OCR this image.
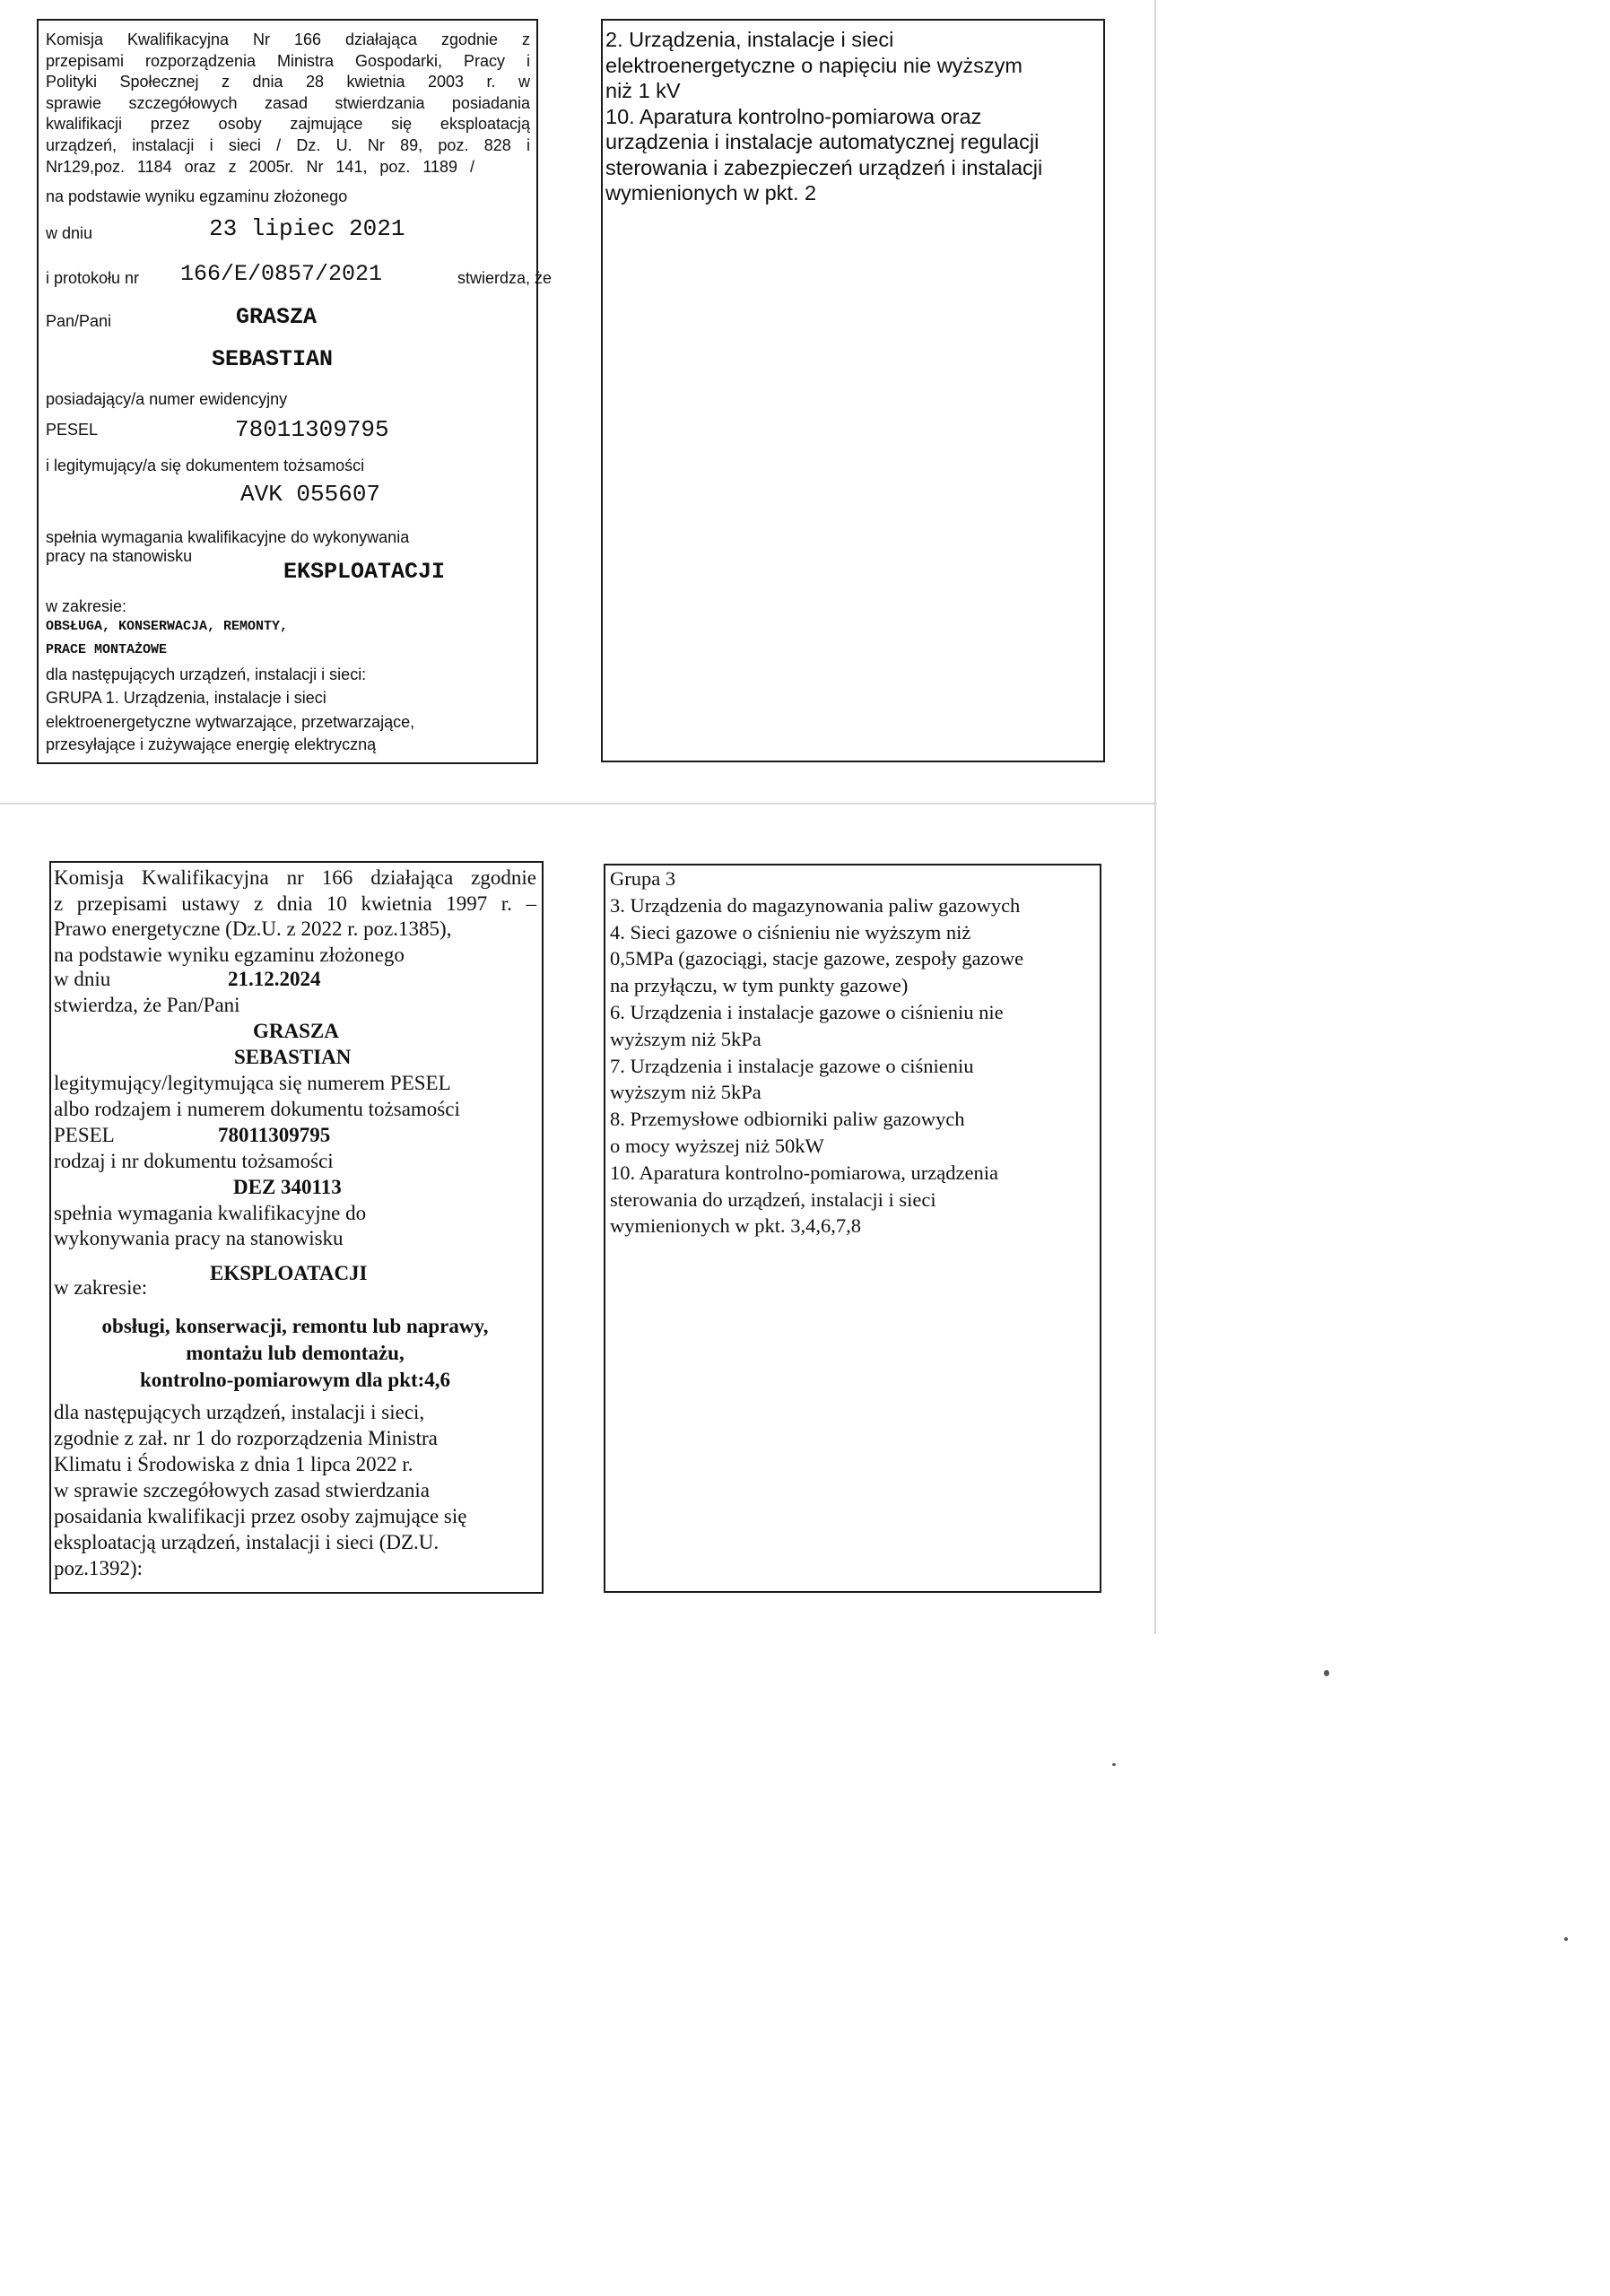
Komisja Kwalifikacyjna Nr 166 działająca zgodnie z
przepisami rozporządzenia Ministra Gospodarki, Pracy i
Polityki Społecznej z dnia 28 kwietnia 2003 r. w
sprawie szczegółowych zasad stwierdzania posiadania
kwalifikacji przez osoby zajmujące się eksploatacją
urządzeń, instalacji i sieci / Dz. U. Nr 89, poz. 828 i
Nr129,poz. 1184 oraz z 2005r. Nr 141, poz. 1189 /
na podstawie wyniku egzaminu złożonego
w dniu	23 lipiec 2021
i protokołu nr 166/E/0857/2021	stwierdza, że
Pan/Pani	GRASZA
SEBASTIAN
posiadający/a numer ewidencyjny
PESEL	78011309795
i legitymujący/a się dokumentem tożsamości
AVK 055607
spełnia wymagania kwalifikacyjne do wykonywania
pracy na stanowisku
EKSPLOATACJI
w zakresie:
OBSŁUGA, KONSERWACJA, REMONTY,
PRACE MONTAŻOWE
dla następujących urządzeń, instalacji i sieci:
GRUPA 1. Urządzenia, instalacje i sieci
elektroenergetyczne wytwarzające, przetwarzające,
przesyłające i zużywające energię elektryczną
2. Urządzenia, instalacje i sieci
elektroenergetyczne o napięciu nie wyższym
niż 1 kV
10. Aparatura kontrolno-pomiarowa oraz
urządzenia i instalacje automatycznej regulacji
sterowania i zabezpieczeń urządzeń i instalacji
wymienionych w pkt. 2
Komisja Kwalifikacyjna nr 166 działająca zgodnie
z przepisami ustawy z dnia 10 kwietnia 1997 r. –
Prawo energetyczne (Dz.U. z 2022 r. poz.1385),
na podstawie wyniku egzaminu złożonego
w dniu	21.12.2024
stwierdza, że Pan/Pani
GRASZA
SEBASTIAN
legitymujący/legitymująca się numerem PESEL
albo rodzajem i numerem dokumentu tożsamości
PESEL	78011309795
rodzaj i nr dokumentu tożsamości
DEZ 340113
spełnia wymagania kwalifikacyjne do
wykonywania pracy na stanowisku
EKSPLOATACJI
w zakresie:
obsługi, konserwacji, remontu lub naprawy,
montażu lub demontażu,
kontrolno-pomiarowym dla pkt:4,6
dla następujących urządzeń, instalacji i sieci,
zgodnie z zał. nr 1 do rozporządzenia Ministra
Klimatu i Środowiska z dnia 1 lipca 2022 r.
w sprawie szczegółowych zasad stwierdzania
posaidania kwalifikacji przez osoby zajmujące się
eksploatacją urządzeń, instalacji i sieci (DZ.U.
poz.1392):
Grupa 3
3. Urządzenia do magazynowania paliw gazowych
4. Sieci gazowe o ciśnieniu nie wyższym niż
0,5MPa (gazociągi, stacje gazowe, zespoły gazowe
na przyłączu, w tym punkty gazowe)
6. Urządzenia i instalacje gazowe o ciśnieniu nie
wyższym niż 5kPa
7. Urządzenia i instalacje gazowe o ciśnieniu
wyższym niż 5kPa
8. Przemysłowe odbiorniki paliw gazowych
o mocy wyższej niż 50kW
10. Aparatura kontrolno-pomiarowa, urządzenia
sterowania do urządzeń, instalacji i sieci
wymienionych w pkt. 3,4,6,7,8
